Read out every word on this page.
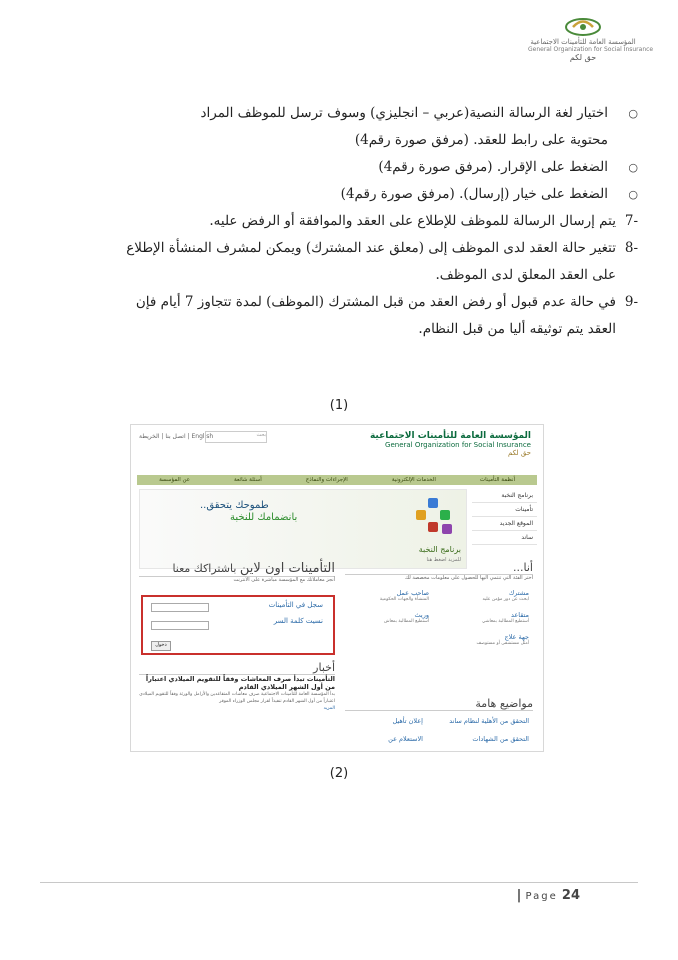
المؤسسة العامة للتأمينات الاجتماعية
General Organization for Social Insurance
حق لكم
○
اختيار لغة الرسالة النصية(عربي – انجليزي) وسوف ترسل للموظف المراد
محتوية على رابط للعقد. (مرفق صورة رقم4)
○
الضغط على الإقرار. (مرفق صورة رقم4)
○
الضغط على خيار (إرسال). (مرفق صورة رقم4)
-7
يتم إرسال الرسالة للموظف للإطلاع على العقد والموافقة أو الرفض عليه.
-8
تتغير حالة العقد لدى الموظف إلى (معلق عند المشترك) ويمكن لمشرف المنشأة الإطلاع
على العقد المعلق لدى الموظف.
-9
في حالة عدم قبول أو رفض العقد من قبل المشترك (الموظف) لمدة تتجاوز 7 أيام فإن
العقد يتم توثيقه أليا من قبل النظام.
(1)
المؤسسة العامة للتأمينات الاجتماعية
General Organization for Social Insurance
حق لكم
English | اتصل بنا | الخريطة	بحث
أنظمة التأمينات
الخدمات الإلكترونية
الإجراءات والنماذج
أسئلة شائعة
عن المؤسسة
برنامج النخبة
تأمينات
الموقع الجديد
ساند
طموحك يتحقق..
بانضمامك للنخبة
برنامج النخبة
للمزيد اضغط هنا
التأمينات اون لاين باشتراكك معنا
أنجز معاملاتك مع المؤسسة مباشرة على الانترنت
سجل في التأمينات
نسيت كلمة السر
دخول
أنا...
اختر الفئة التي تنتمي اليها للحصول على معلومات مخصصة لك
مشترك
ابحث عن دور مؤمن عليه
صاحب عمل
المنشأة والجهات الحكومية
متقاعد
أستطيع المطالبة بمعاشي
وريث
أستطيع المطالبة بمعاش
جهة علاج
أمثل مستشفى أو مستوصف
أخبار
التأمينات تبدأ صرف المعاشات وفقاً للتقويم الميلادي اعتباراً من أول الشهر الميلادي القادم
بدأ المؤسسة العامة للتأمينات الاجتماعية صرف معاشات المتقاعدين والأرامل والورثة وفقاً للتقويم الميلادي اعتباراً من أول الشهر القادم تنفيذاً لقرار مجلس الوزراء الموقر
المزيد	مواضيع هامة
التحقق من الأهلية لنظام ساند
إعلان تأهيل
التحقق من الشهادات
الاستعلام عن
(2)
| Page 24
